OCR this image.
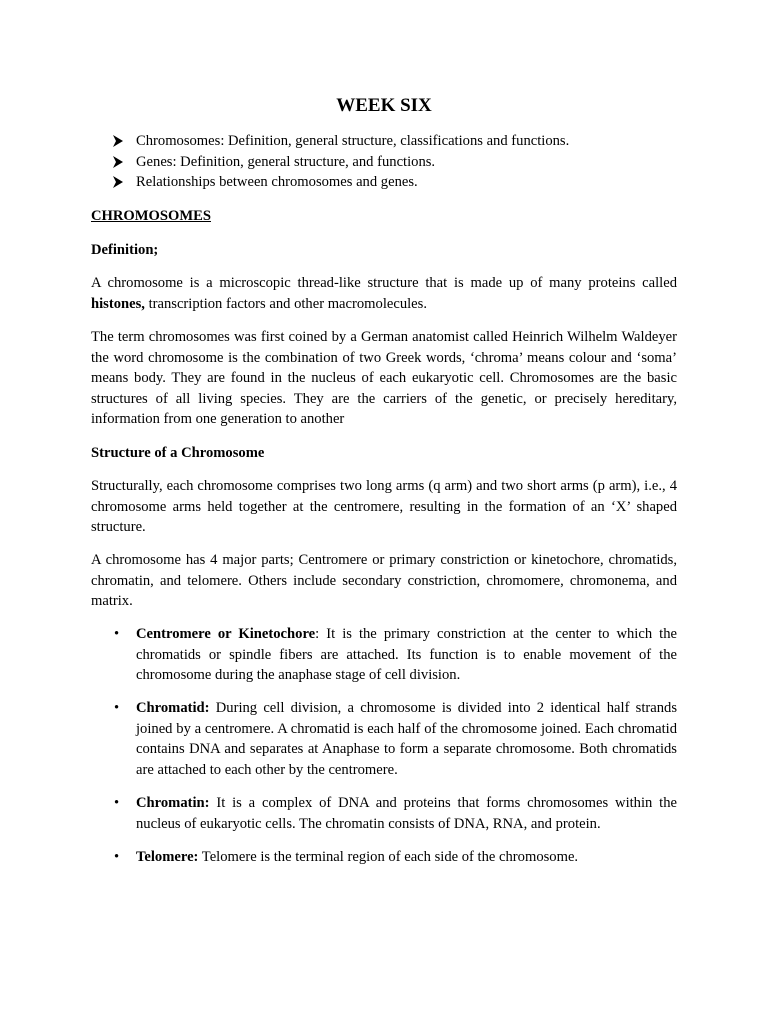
WEEK SIX
Chromosomes: Definition, general structure, classifications and functions.
Genes: Definition, general structure, and functions.
Relationships between chromosomes and genes.
CHROMOSOMES
Definition;

A chromosome is a microscopic thread-like structure that is made up of many proteins called histones, transcription factors and other macromolecules.

The term chromosomes was first coined by a German anatomist called Heinrich Wilhelm Waldeyer the word chromosome is the combination of two Greek words, ‘chroma’ means colour and ‘soma’ means body. They are found in the nucleus of each eukaryotic cell. Chromosomes are the basic structures of all living species. They are the carriers of the genetic, or precisely hereditary, information from one generation to another

Structure of a Chromosome

Structurally, each chromosome comprises two long arms (q arm) and two short arms (p arm), i.e., 4 chromosome arms held together at the centromere, resulting in the formation of an ‘X’ shaped structure.

A chromosome has 4 major parts; Centromere or primary constriction or kinetochore, chromatids, chromatin, and telomere. Others include secondary constriction, chromomere, chromonema, and matrix.

• Centromere or Kinetochore: It is the primary constriction at the center to which the chromatids or spindle fibers are attached. Its function is to enable movement of the chromosome during the anaphase stage of cell division.
• Chromatid: During cell division, a chromosome is divided into 2 identical half strands joined by a centromere. A chromatid is each half of the chromosome joined. Each chromatid contains DNA and separates at Anaphase to form a separate chromosome. Both chromatids are attached to each other by the centromere.
• Chromatin: It is a complex of DNA and proteins that forms chromosomes within the nucleus of eukaryotic cells. The chromatin consists of DNA, RNA, and protein.
• Telomere: Telomere is the terminal region of each side of the chromosome.
